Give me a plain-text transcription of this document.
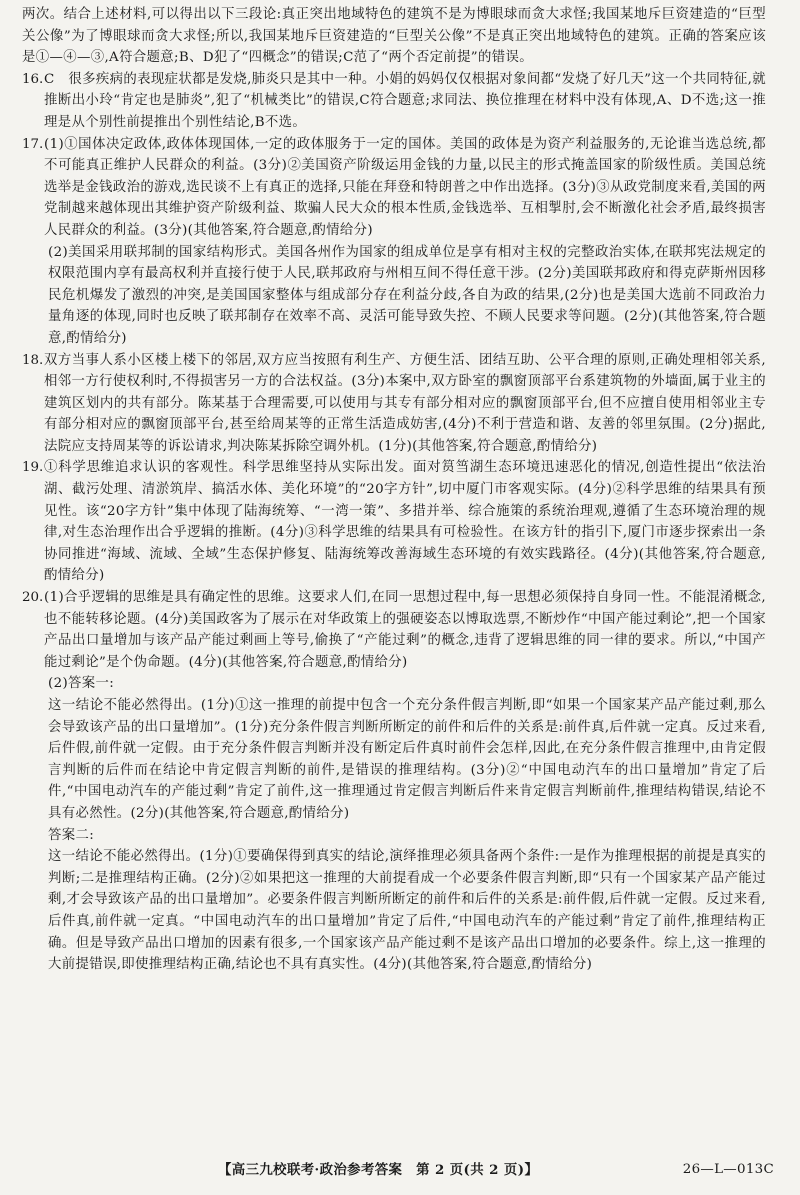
两次。结合上述材料,可以得出以下三段论:真正突出地域特色的建筑不是为博眼球而贪大求怪;我国某地斥巨资建造的“巨型关公像”为了博眼球而贪大求怪;所以,我国某地斥巨资建造的“巨型关公像”不是真正突出地域特色的建筑。正确的答案应该是①—④—③,A符合题意;B、D犯了“四概念”的错误;C范了“两个否定前提”的错误。

16. C　很多疾病的表现症状都是发烧,肺炎只是其中一种。小娟的妈妈仅仅根据对象间都“发烧了好几天”这一个共同特征,就推断出小玲“肯定也是肺炎”,犯了“机械类比”的错误,C符合题意;求同法、换位推理在材料中没有体现,A、D不选;这一推理是从个别性前提推出个别性结论,B不选。

17. (1)①国体决定政体,政体体现国体,一定的政体服务于一定的国体。美国的政体是为资产利益服务的,无论谁当选总统,都不可能真正维护人民群众的利益。(3分)②美国资产阶级运用金钱的力量,以民主的形式掩盖国家的阶级性质。美国总统选举是金钱政治的游戏,选民谈不上有真正的选择,只能在拜登和特朗普之中作出选择。(3分)③从政党制度来看,美国的两党制越来越体现出其维护资产阶级利益、欺骗人民大众的根本性质,金钱选举、互相掣肘,会不断激化社会矛盾,最终损害人民群众的利益。(3分)(其他答案,符合题意,酌情给分)

(2)美国采用联邦制的国家结构形式。美国各州作为国家的组成单位是享有相对主权的完整政治实体,在联邦宪法规定的权限范围内享有最高权利并直接行使于人民,联邦政府与州相互间不得任意干涉。(2分)美国联邦政府和得克萨斯州因移民危机爆发了激烈的冲突,是美国国家整体与组成部分存在利益分歧,各自为政的结果,(2分)也是美国大选前不同政治力量角逐的体现,同时也反映了联邦制存在效率不高、灵活可能导致失控、不顾人民要求等问题。(2分)(其他答案,符合题意,酌情给分)
18. 双方当事人系小区楼上楼下的邻居,双方应当按照有利生产、方便生活、团结互助、公平合理的原则,正确处理相邻关系,相邻一方行使权利时,不得损害另一方的合法权益。(3分)本案中,双方卧室的飘窗顶部平台系建筑物的外墙面,属于业主的建筑区划内的共有部分。陈某基于合理需要,可以使用与其专有部分相对应的飘窗顶部平台,但不应擅自使用相邻业主专有部分相对应的飘窗顶部平台,甚至给周某等的正常生活造成妨害,(4分)不利于营造和谐、友善的邻里氛围。(2分)据此,法院应支持周某等的诉讼请求,判决陈某拆除空调外机。(1分)(其他答案,符合题意,酌情给分)

19. ①科学思维追求认识的客观性。科学思维坚持从实际出发。面对筼筜湖生态环境迅速恶化的情况,创造性提出“依法治湖、截污处理、清淤筑岸、搞活水体、美化环境”的“20字方针”,切中厦门市客观实际。(4分)②科学思维的结果具有预见性。该“20字方针”集中体现了陆海统筹、“一湾一策”、多措并举、综合施策的系统治理观,遵循了生态环境治理的规律,对生态治理作出合乎逻辑的推断。(4分)③科学思维的结果具有可检验性。在该方针的指引下,厦门市逐步探索出一条协同推进“海域、流域、全域”生态保护修复、陆海统筹改善海域生态环境的有效实践路径。(4分)(其他答案,符合题意,酌情给分)

20. (1)合乎逻辑的思维是具有确定性的思维。这要求人们,在同一思想过程中,每一思想必须保持自身同一性。不能混淆概念,也不能转移论题。(4分)美国政客为了展示在对华政策上的强硬姿态以博取选票,不断炒作“中国产能过剩论”,把一个国家产品出口量增加与该产品产能过剩画上等号,偷换了“产能过剩”的概念,违背了逻辑思维的同一律的要求。所以,“中国产能过剩论”是个伪命题。(4分)(其他答案,符合题意,酌情给分)

(2)答案一:
这一结论不能必然得出。(1分)①这一推理的前提中包含一个充分条件假言判断,即“如果一个国家某产品产能过剩,那么会导致该产品的出口量增加”。(1分)充分条件假言判断所断定的前件和后件的关系是:前件真,后件就一定真。反过来看,后件假,前件就一定假。由于充分条件假言判断并没有断定后件真时前件会怎样,因此,在充分条件假言推理中,由肯定假言判断的后件而在结论中肯定假言判断的前件,是错误的推理结构。(3分)②“中国电动汽车的出口量增加”肯定了后件,“中国电动汽车的产能过剩”肯定了前件,这一推理通过肯定假言判断后件来肯定假言判断前件,推理结构错误,结论不具有必然性。(2分)(其他答案,符合题意,酌情给分)
答案二:
这一结论不能必然得出。(1分)①要确保得到真实的结论,演绎推理必须具备两个条件:一是作为推理根据的前提是真实的判断;二是推理结构正确。(2分)②如果把这一推理的大前提看成一个必要条件假言判断,即“只有一个国家某产品产能过剩,才会导致该产品的出口量增加”。必要条件假言判断所断定的前件和后件的关系是:前件假,后件就一定假。反过来看,后件真,前件就一定真。“中国电动汽车的出口量增加”肯定了后件,“中国电动汽车的产能过剩”肯定了前件,推理结构正确。但是导致产品出口增加的因素有很多,一个国家该产品产能过剩不是该产品出口增加的必要条件。综上,这一推理的大前提错误,即使推理结构正确,结论也不具有真实性。(4分)(其他答案,符合题意,酌情给分)
【高三九校联考·政治参考答案　第 2 页(共 2 页)】	26—L—013C
